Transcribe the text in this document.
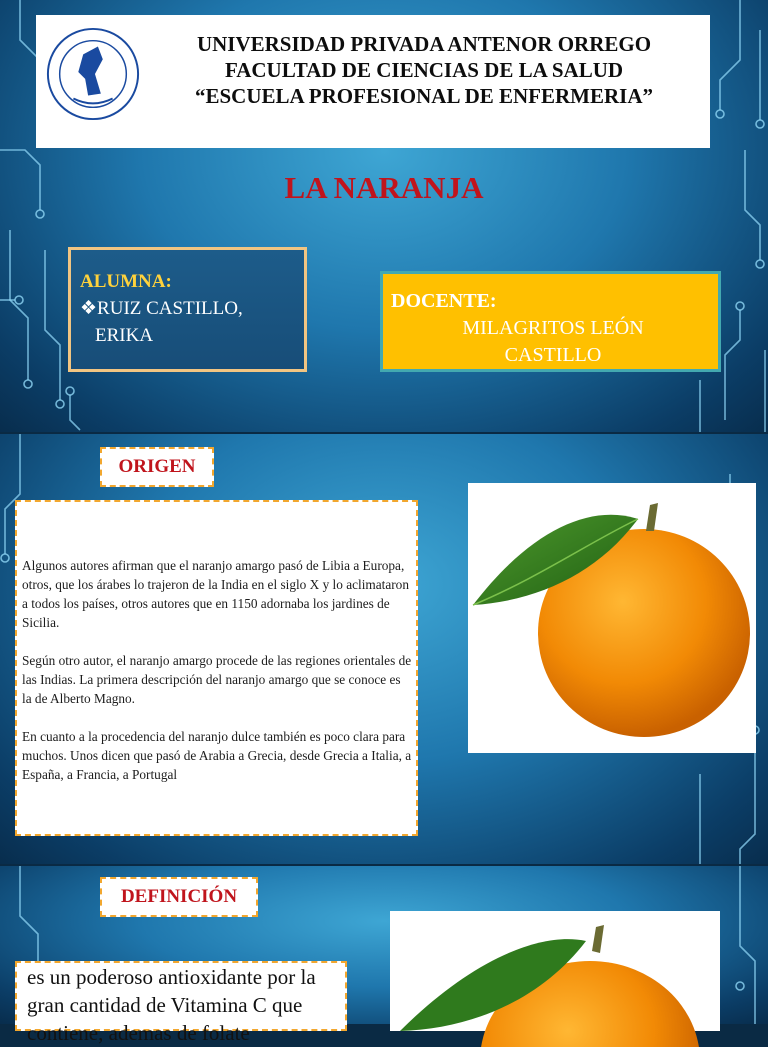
UNIVERSIDAD PRIVADA ANTENOR ORREGO
FACULTAD DE CIENCIAS DE LA SALUD
“ESCUELA PROFESIONAL DE ENFERMERIA”
LA NARANJA
ALUMNA:
❖RUIZ CASTILLO,
ERIKA
DOCENTE:
MILAGRITOS LEÓN
CASTILLO
ORIGEN

Algunos autores afirman que el naranjo amargo pasó de Libia a Europa, otros, que los árabes lo trajeron de la India en el siglo X y lo aclimataron a todos los países, otros autores que en 1150 adornaba los jardines de Sicilia.

Según otro autor, el naranjo amargo procede de las regiones orientales de las Indias. La primera descripción del naranjo amargo que se conoce es la de Alberto Magno.

En cuanto a la procedencia del naranjo dulce también es poco clara para muchos. Unos dicen que pasó de Arabia a Grecia, desde Grecia a Italia, a España, a Francia, a Portugal

DEFINICIÓN
es un poderoso antioxidante por la gran cantidad de Vitamina C que contiene, ademas de folate
